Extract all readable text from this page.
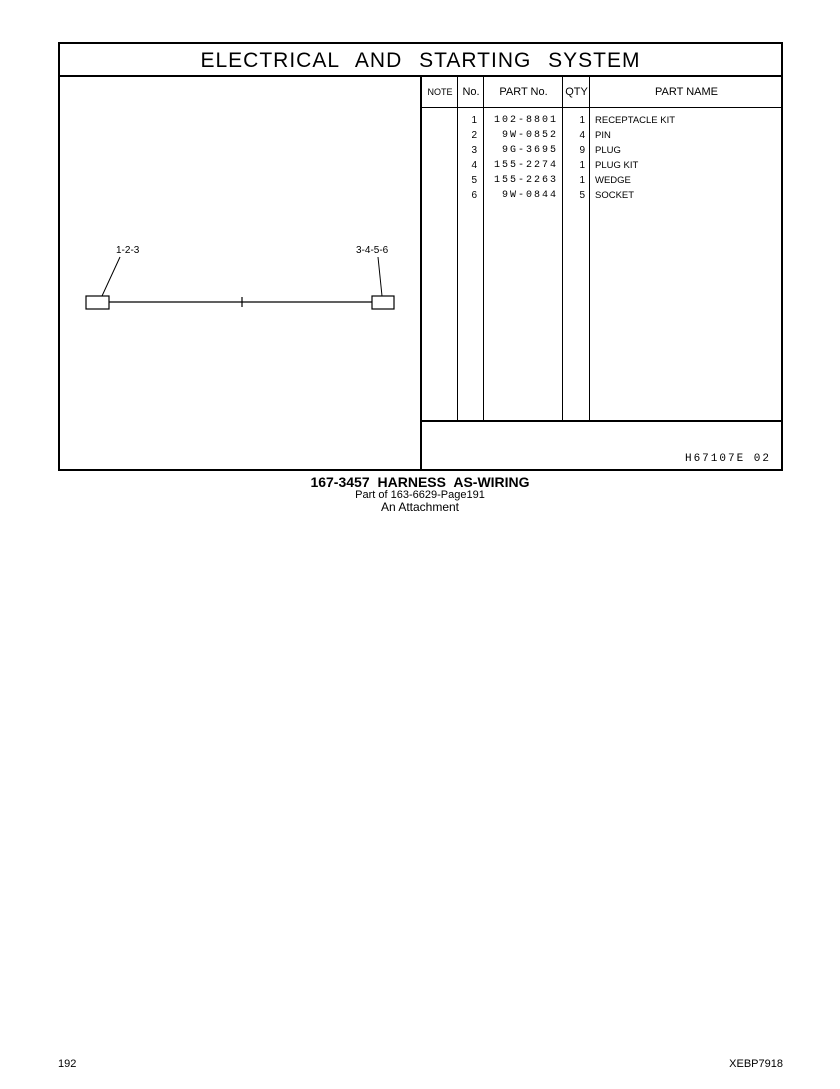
ELECTRICAL AND STARTING SYSTEM
1-2-3	3-4-5-6
NOTE No.	PART No.	QTY	PART NAME
1	102-8801	1 RECEPTACLE KIT
2	9W-0852	4 PIN
3	9G-3695	9 PLUG
4	155-2274	1 PLUG KIT
5	155-2263	1 WEDGE
6	9W-0844	5 SOCKET
H67107E 02
167-3457 HARNESS AS-WIRING
Part of 163-6629-Page191
An Attachment
192	XEBP7918
